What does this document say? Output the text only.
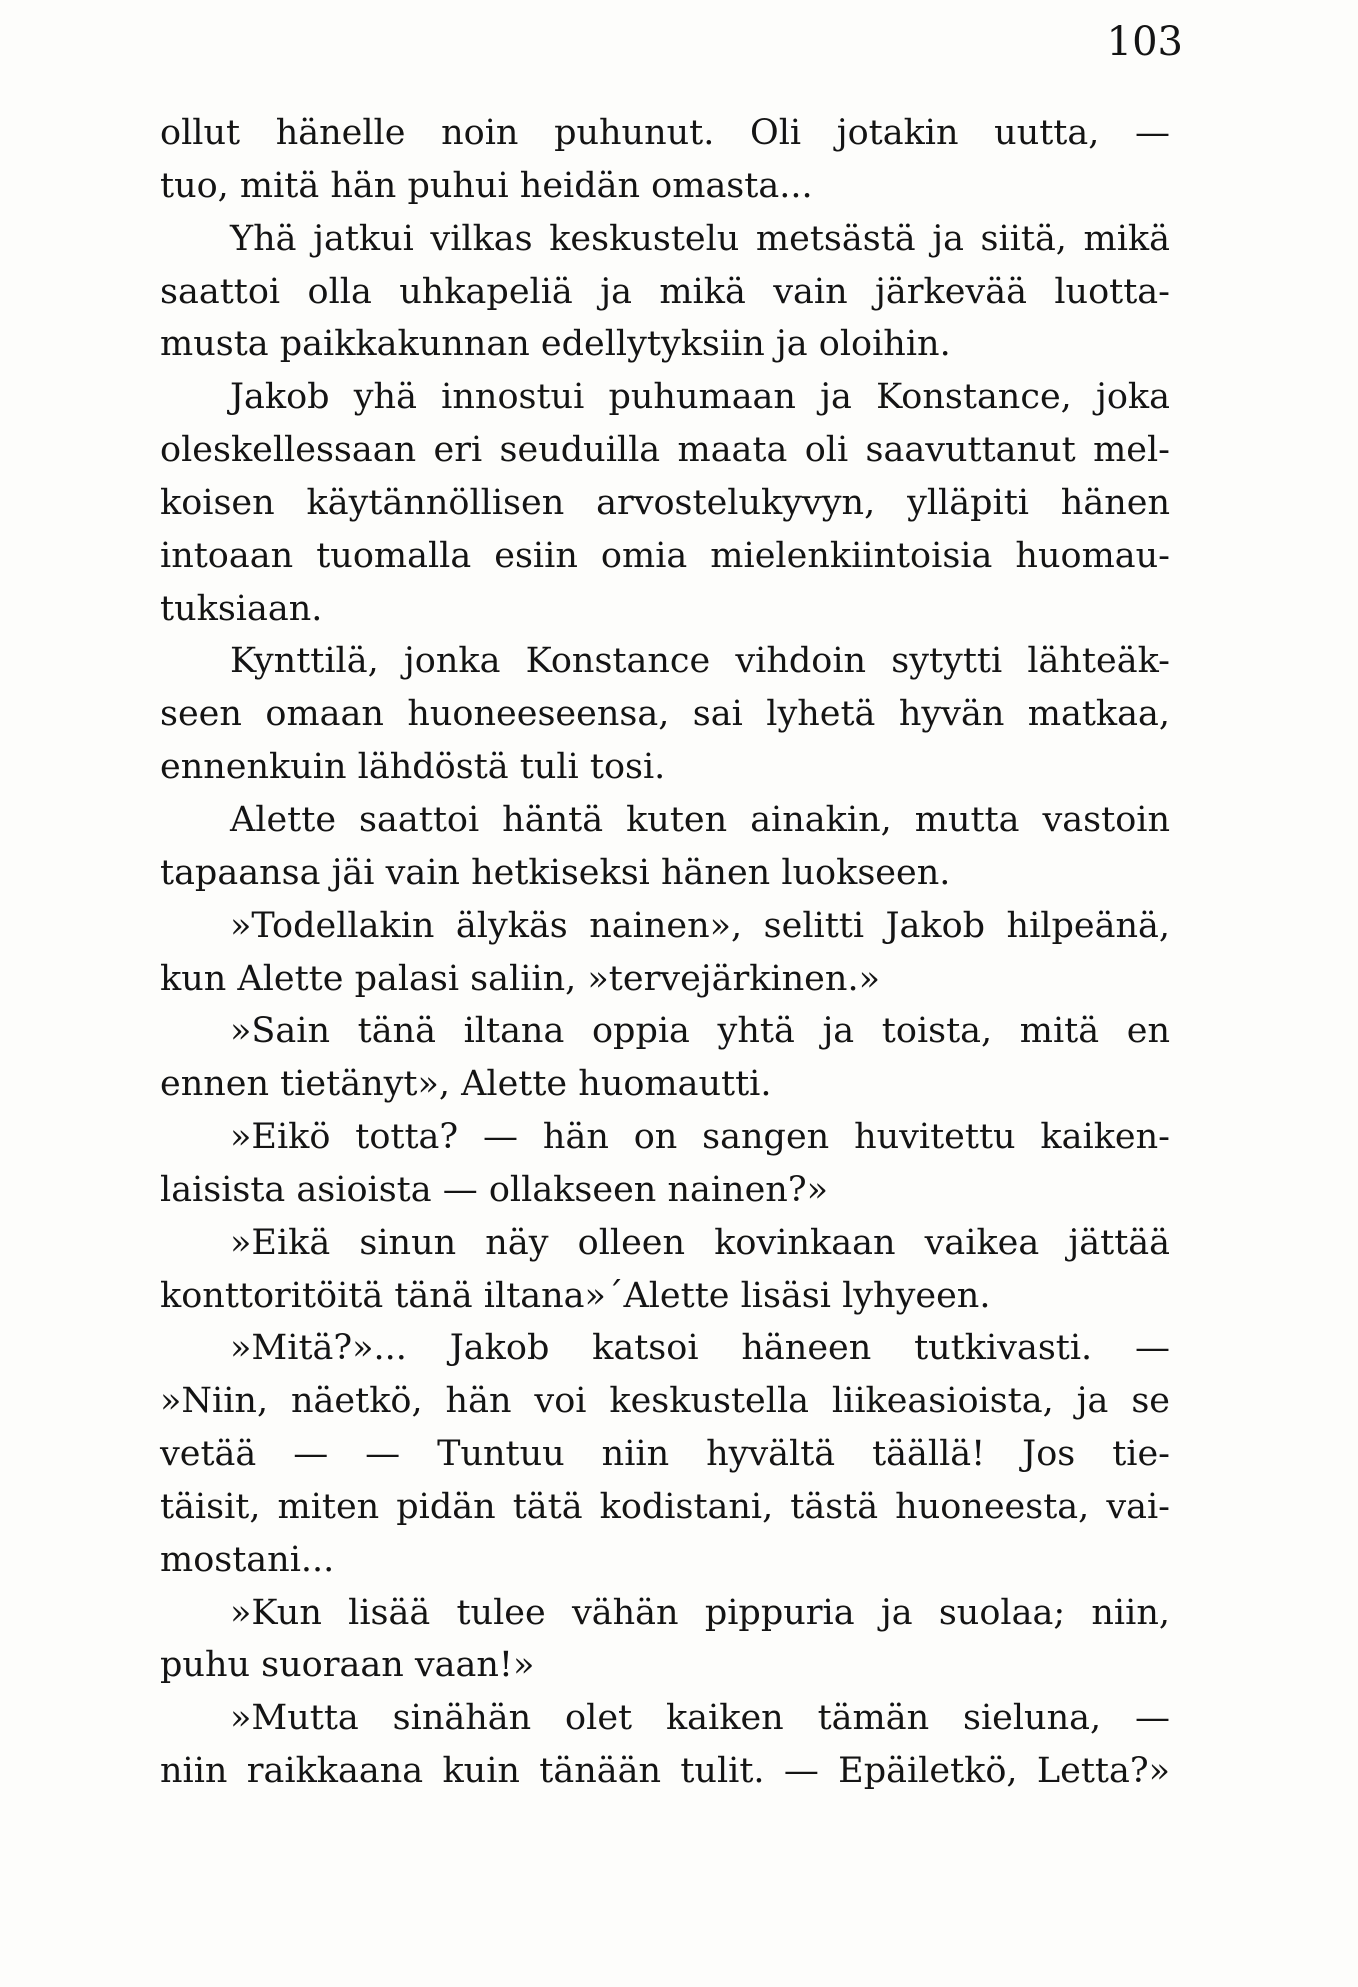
103
ollut hänelle noin puhunut. Oli jotakin uutta, —
tuo, mitä hän puhui heidän omasta...
Yhä jatkui vilkas keskustelu metsästä ja siitä, mikä
saattoi olla uhkapeliä ja mikä vain järkevää luotta-
musta paikkakunnan edellytyksiin ja oloihin.
Jakob yhä innostui puhumaan ja Konstance, joka
oleskellessaan eri seuduilla maata oli saavuttanut mel-
koisen käytännöllisen arvostelukyvyn, ylläpiti hänen
intoaan tuomalla esiin omia mielenkiintoisia huomau-
tuksiaan.
Kynttilä, jonka Konstance vihdoin sytytti lähteäk-
seen omaan huoneeseensa, sai lyhetä hyvän matkaa,
ennenkuin lähdöstä tuli tosi.
Alette saattoi häntä kuten ainakin, mutta vastoin
tapaansa jäi vain hetkiseksi hänen luokseen.
»Todellakin älykäs nainen», selitti Jakob hilpeänä,
kun Alette palasi saliin, »tervejärkinen.»
»Sain tänä iltana oppia yhtä ja toista, mitä en
ennen tietänyt», Alette huomautti.
»Eikö totta? — hän on sangen huvitettu kaiken-
laisista asioista — ollakseen nainen?»
»Eikä sinun näy olleen kovinkaan vaikea jättää
konttoritöitä tänä iltana»´Alette lisäsi lyhyeen.
»Mitä?»... Jakob katsoi häneen tutkivasti. —
»Niin, näetkö, hän voi keskustella liikeasioista, ja se
vetää — — Tuntuu niin hyvältä täällä! Jos tie-
täisit, miten pidän tätä kodistani, tästä huoneesta, vai-
mostani...
»Kun lisää tulee vähän pippuria ja suolaa; niin,
puhu suoraan vaan!»
»Mutta sinähän olet kaiken tämän sieluna, —
niin raikkaana kuin tänään tulit. — Epäiletkö, Letta?»
